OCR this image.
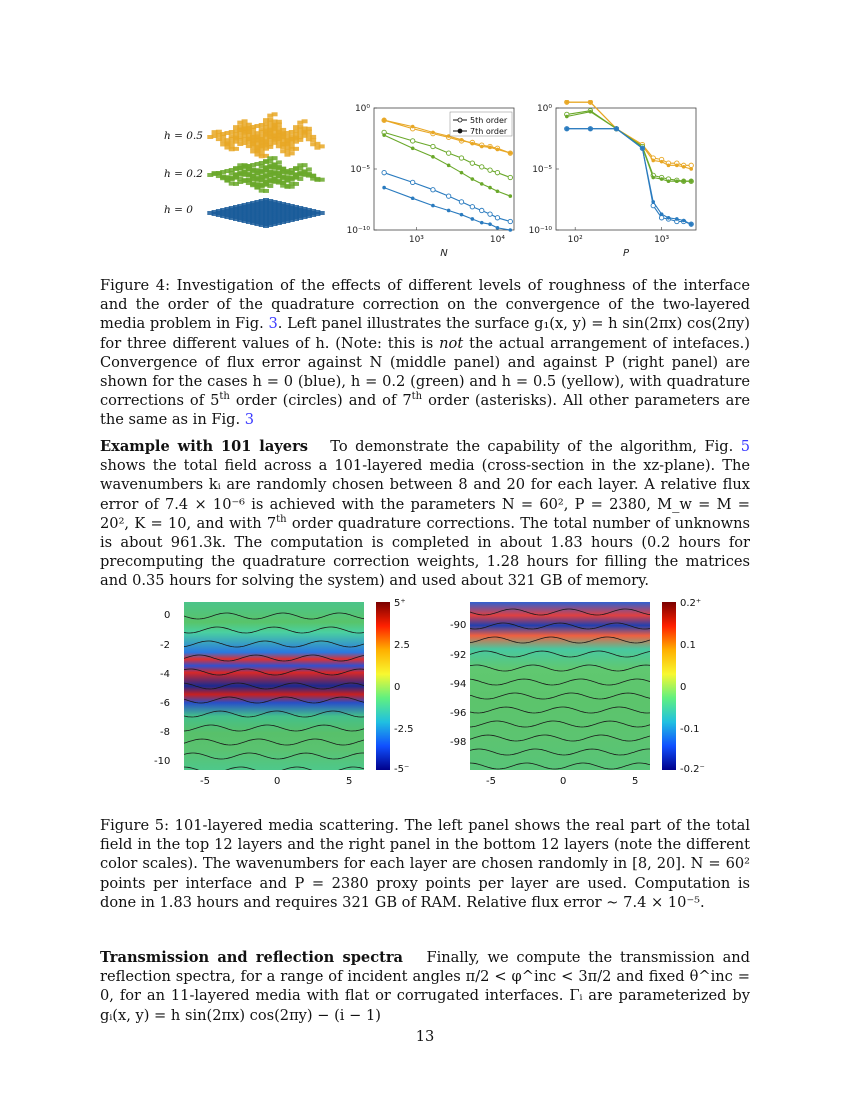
h = 0.5
h = 0.2
h = 0
10⁰
10⁻⁵
10⁻¹⁰
10³	10⁴
N
5th order
7th order
10⁰
10⁻⁵
10⁻¹⁰
10²	10³
P
Figure 4: Investigation of the effects of different levels of roughness of the interface and the order of the quadrature correction on the convergence of the two-layered media problem in Fig. 3. Left panel illustrates the surface g₁(x, y) = h sin(2πx) cos(2πy) for three different values of h. (Note: this is not the actual arrangement of intefaces.) Convergence of flux error against N (middle panel) and against P (right panel) are shown for the cases h = 0 (blue), h = 0.2 (green) and h = 0.5 (yellow), with quadrature corrections of 5th order (circles) and of 7th order (asterisks). All other parameters are the same as in Fig. 3
Example with 101 layers To demonstrate the capability of the algorithm, Fig. 5 shows the total field across a 101-layered media (cross-section in the xz-plane). The wavenumbers kᵢ are randomly chosen between 8 and 20 for each layer. A relative flux error of 7.4 × 10⁻⁶ is achieved with the parameters N = 60², P = 2380, M_w = M = 20², K = 10, and with 7th order quadrature corrections. The total number of unknowns is about 961.3k. The computation is completed in about 1.83 hours (0.2 hours for precomputing the quadrature correction weights, 1.28 hours for filling the matrices and 0.35 hours for solving the system) and used about 321 GB of memory.
0
-2
-4
-6
-8
-10
-5	0	5
5⁺
2.5
0
-2.5
-5⁻
-90
-92
-94
-96
-98
-5	0	5
0.2⁺
0.1
0
-0.1
-0.2⁻
Figure 5: 101-layered media scattering. The left panel shows the real part of the total field in the top 12 layers and the right panel in the bottom 12 layers (note the different color scales). The wavenumbers for each layer are chosen randomly in [8, 20]. N = 60² points per interface and P = 2380 proxy points per layer are used. Computation is done in 1.83 hours and requires 321 GB of RAM. Relative flux error ∼ 7.4 × 10⁻⁵.
Transmission and reflection spectra Finally, we compute the transmission and reflection spectra, for a range of incident angles π/2 < φ^inc < 3π/2 and fixed θ^inc = 0, for an 11-layered media with flat or corrugated interfaces. Γᵢ are parameterized by gᵢ(x, y) = h sin(2πx) cos(2πy) − (i − 1)
13
